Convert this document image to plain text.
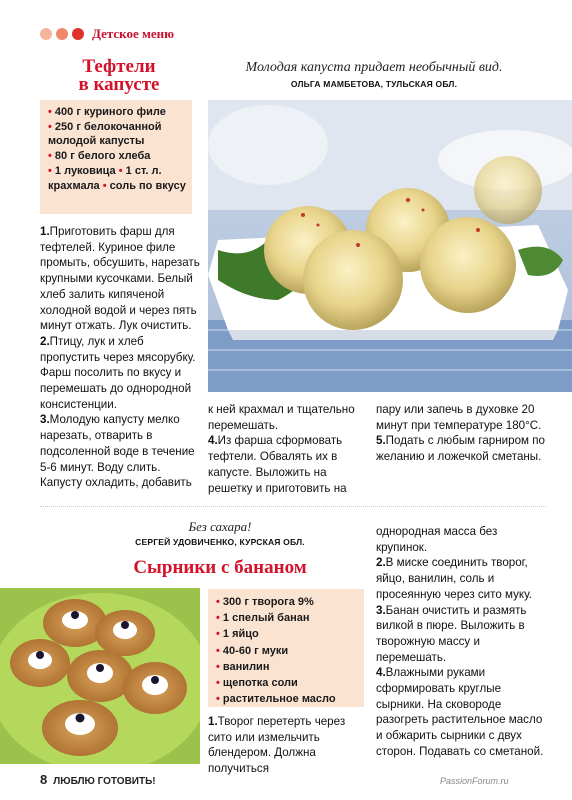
Детское меню
Тефтели
в капусте
Молодая капуста придает необычный вид.
ОЛЬГА МАМБЕТОВА, ТУЛЬСКАЯ ОБЛ.
• 400 г куриного филе
• 250 г белокочанной молодой капусты
• 80 г белого хлеба
• 1 луковица • 1 ст. л. крахмала • соль по вкусу

1.Приготовить фарш для тефтелей. Куриное филе промыть, обсушить, нарезать крупными кусочками. Белый хлеб залить кипяченой холодной водой и через пять минут отжать. Лук очистить.

2.Птицу, лук и хлеб пропустить через мясорубку. Фарш посолить по вкусу и перемешать до однородной консистенции.

3.Молодую капусту мелко нарезать, отварить в подсоленной воде в течение 5-6 минут. Воду слить. Капусту охладить, добавить

к ней крахмал и тщательно перемешать.

4.Из фарша сформовать тефтели. Обвалять их в капусте. Выложить на решетку и приготовить на

пару или запечь в духовке 20 минут при температуре 180°С.

5.Подать с любым гарниром по желанию и ложечкой сметаны.

Без сахара!
СЕРГЕЙ УДОВИЧЕНКО, КУРСКАЯ ОБЛ.
Сырники с бананом
• 300 г творога 9%
• 1 спелый банан
• 1 яйцо
• 40-60 г муки
• ванилин
• щепотка соли
• растительное масло

1.Творог перетерть через сито или измельчить блендером. Должна получиться

однородная масса без крупинок.

2.В миске соединить творог, яйцо, ванилин, соль и просеянную через сито муку.

3.Банан очистить и размять вилкой в пюре. Выложить в творожную массу и перемешать.

4.Влажными руками сформировать круглые сырники. На сковороде разогреть растительное масло и обжарить сырники с двух сторон. Подавать со сметаной.

8 ЛЮБЛЮ ГОТОВИТЬ!	PassionForum.ru
